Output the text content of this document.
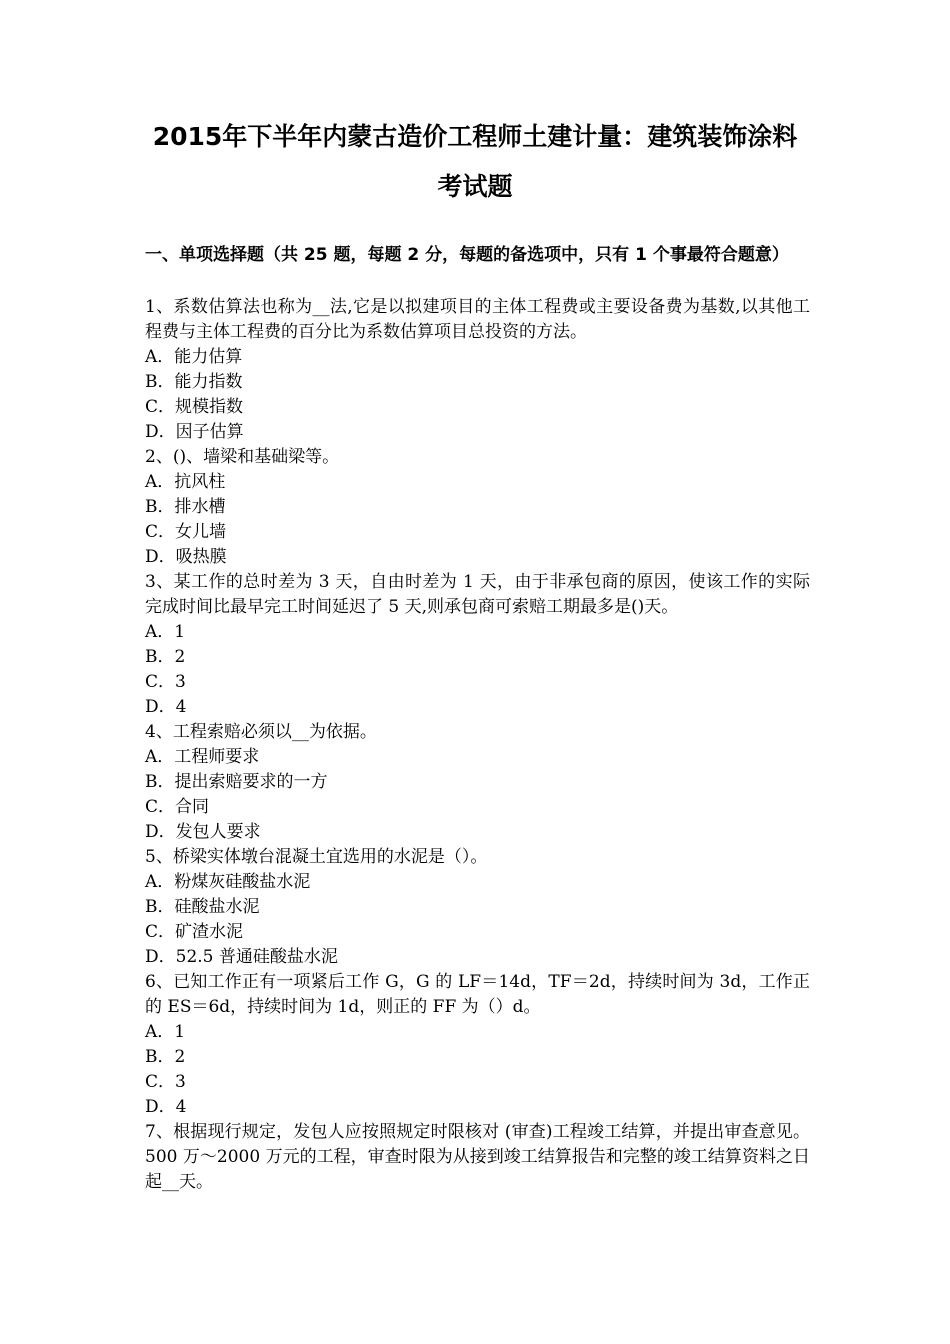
2015年下半年内蒙古造价工程师土建计量：建筑装饰涂料
考试题
一、单项选择题（共 25 题，每题 2 分，每题的备选项中，只有 1 个事最符合题意）

1、系数估算法也称为__法,它是以拟建项目的主体工程费或主要设备费为基数,以其他工程费与主体工程费的百分比为系数估算项目总投资的方法。

A．能力估算

B．能力指数

C．规模指数

D．因子估算

2、()、墙梁和基础梁等。

A．抗风柱

B．排水槽

C．女儿墙

D．吸热膜

3、某工作的总时差为 3 天，自由时差为 1 天，由于非承包商的原因，使该工作的实际完成时间比最早完工时间延迟了 5 天,则承包商可索赔工期最多是()天。

A．1

B．2

C．3

D．4

4、工程索赔必须以__为依据。

A．工程师要求

B．提出索赔要求的一方

C．合同

D．发包人要求

5、桥梁实体墩台混凝土宜选用的水泥是（）。

A．粉煤灰硅酸盐水泥

B．硅酸盐水泥

C．矿渣水泥

D．52.5 普通硅酸盐水泥

6、已知工作正有一项紧后工作 G，G 的 LF＝14d，TF＝2d，持续时间为 3d，工作正的 ES＝6d，持续时间为 1d，则正的 FF 为（）d。

A．1

B．2

C．3

D．4

7、根据现行规定，发包人应按照规定时限核对 (审查)工程竣工结算，并提出审查意见。500 万～2000 万元的工程，审查时限为从接到竣工结算报告和完整的竣工结算资料之日起__天。
